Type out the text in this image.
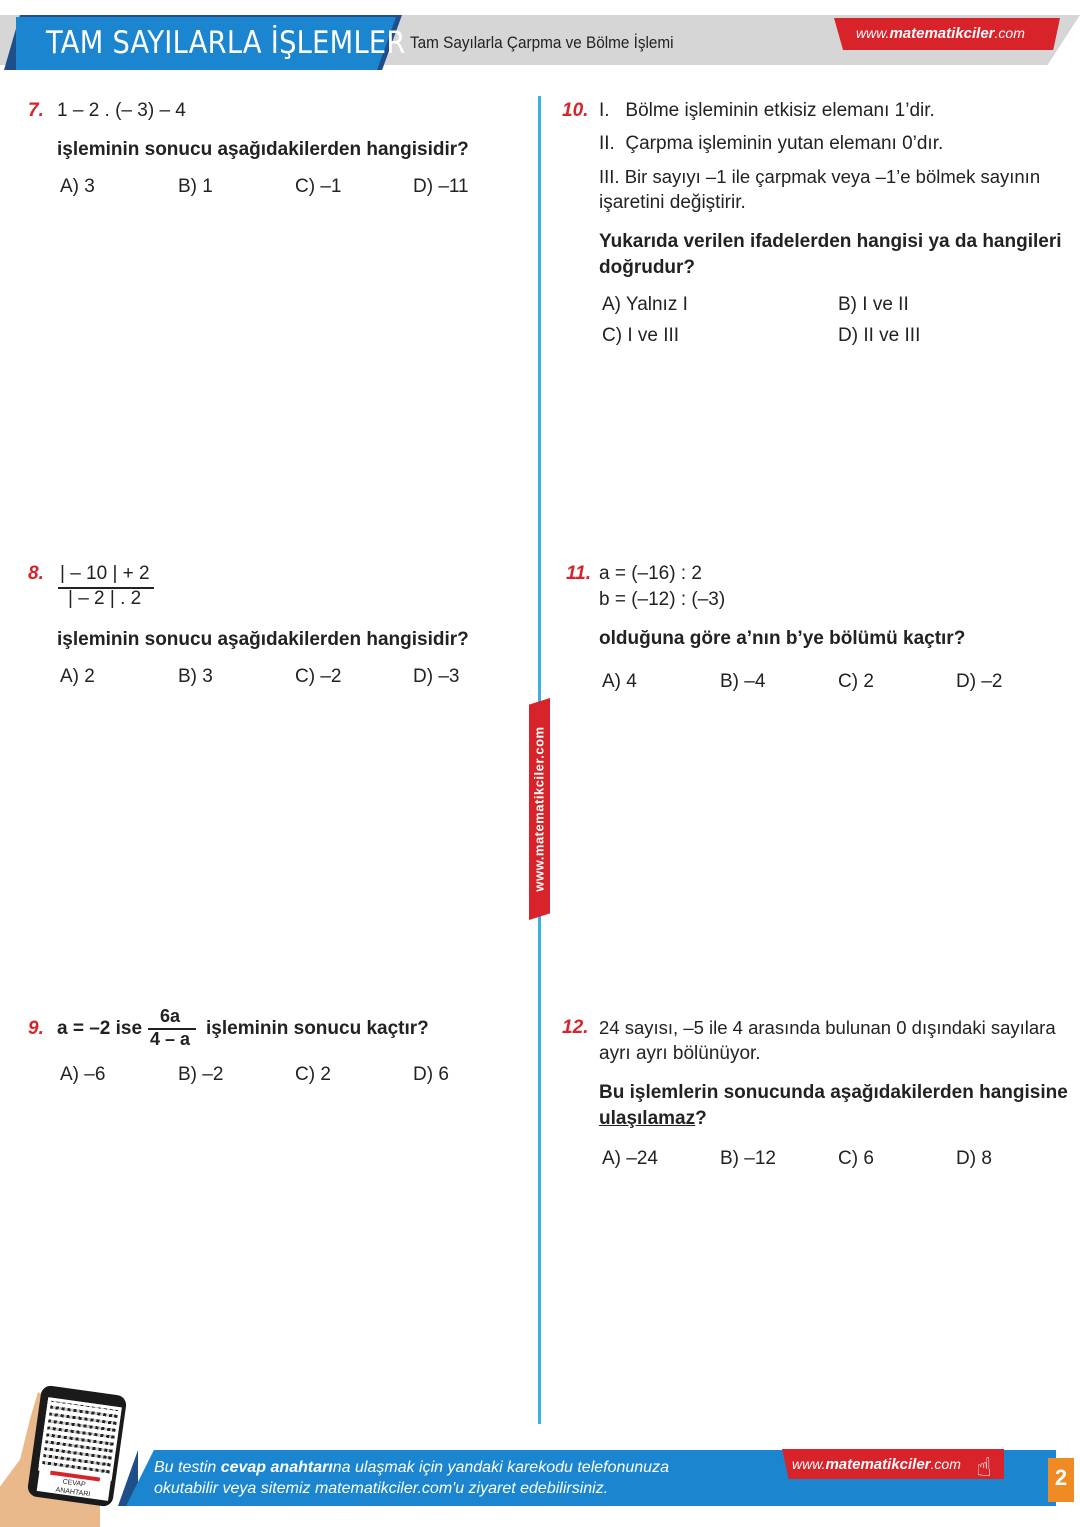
TAM SAYILARLA İŞLEMLER Tam Sayılarla Çarpma ve Bölme İşlemi	www.matematikciler.com
www.matematikciler.com
7. 1 – 2 . (– 3) – 4
işleminin sonucu aşağıdakilerden hangisidir?
A) 3	B) 1	C) –1	D) –11
8. | – 10 | + 2
| – 2 | . 2
işleminin sonucu aşağıdakilerden hangisidir?
A) 2	B) 3	C) –2	D) –3
9. a = –2 ise
6a
4 – a işleminin sonucu kaçtır?
A) –6	B) –2	C) 2	D) 6
10. I.   Bölme işleminin etkisiz elemanı 1’dir.
II.  Çarpma işleminin yutan elemanı 0’dır.
III. Bir sayıyı –1 ile çarpmak veya –1’e bölmek sayının
işaretini değiştirir.
Yukarıda verilen ifadelerden hangisi ya da hangileri
doğrudur?
A) Yalnız I	B) I ve II
C) I ve III	D) II ve III
11. a = (–16) : 2
b = (–12) : (–3)
olduğuna göre a’nın b’ye bölümü kaçtır?
A) 4	B) –4	C) 2	D) –2
12. 24 sayısı, –5 ile 4 arasında bulunan 0 dışındaki sayılara
ayrı ayrı bölünüyor.
Bu işlemlerin sonucunda aşağıdakilerden hangisine
ulaşılamaz?
A) –24	B) –12	C) 6	D) 8
CEVAP
ANAHTARI
Bu testin cevap anahtarına ulaşmak için yandaki karekodu telefonunuza
okutabilir veya sitemiz matematikciler.com'u ziyaret edebilirsiniz.
www.matematikciler.com ☝	2
